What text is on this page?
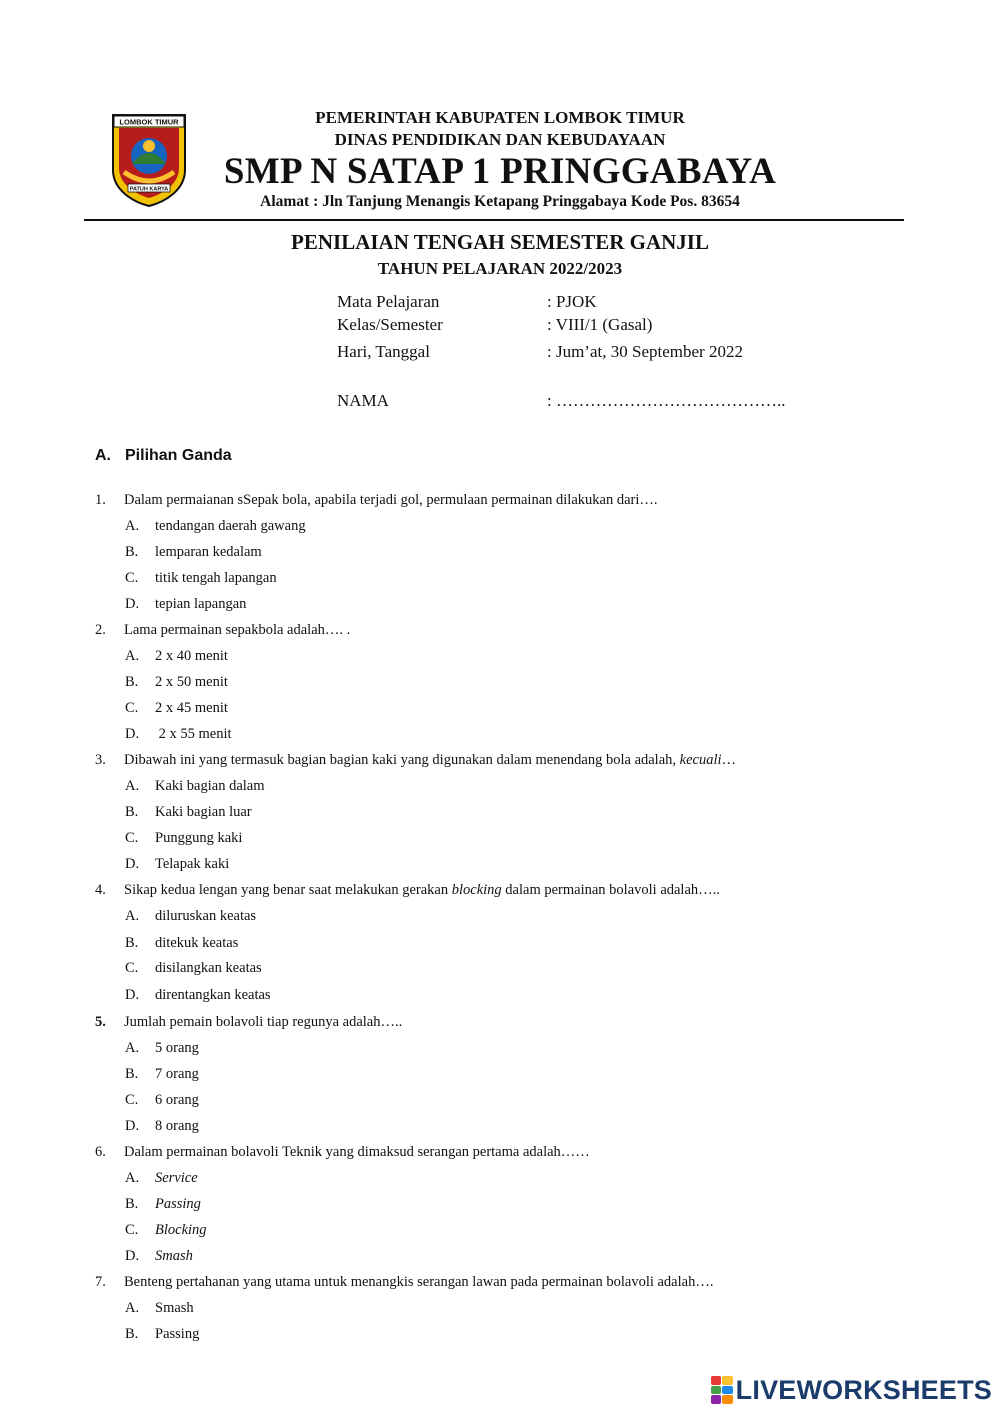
LOMBOK TIMUR
PATUH KARYA
PEMERINTAH KABUPATEN LOMBOK TIMUR
DINAS PENDIDIKAN DAN KEBUDAYAAN
SMP N SATAP 1 PRINGGABAYA
Alamat : Jln Tanjung Menangis Ketapang Pringgabaya Kode Pos. 83654
PENILAIAN TENGAH SEMESTER GANJIL
TAHUN PELAJARAN 2022/2023
Mata Pelajaran	: PJOK
Kelas/Semester	: VIII/1 (Gasal)
Hari, Tanggal	: Jum’at, 30 September 2022
NAMA	: …………………………………..
A. Pilihan Ganda
1. Dalam permaianan sSepak bola, apabila terjadi gol, permulaan permainan dilakukan dari….
A. tendangan daerah gawang
B. lemparan kedalam
C. titik tengah lapangan
D. tepian lapangan
2. Lama permainan sepakbola adalah…. .
A. 2 x 40 menit
B. 2 x 50 menit
C. 2 x 45 menit
D. 2 x 55 menit
3. Dibawah ini yang termasuk bagian bagian kaki yang digunakan dalam menendang bola adalah, kecuali…
A. Kaki bagian dalam
B. Kaki bagian luar
C. Punggung kaki
D. Telapak kaki
4. Sikap kedua lengan yang benar saat melakukan gerakan blocking dalam permainan bolavoli adalah…..
A. diluruskan keatas
B. ditekuk keatas
C. disilangkan keatas
D. direntangkan keatas
5. Jumlah pemain bolavoli tiap regunya adalah…..
A. 5 orang
B. 7 orang
C. 6 orang
D. 8 orang
6. Dalam permainan bolavoli Teknik yang dimaksud serangan pertama adalah……
A. Service
B. Passing
C. Blocking
D. Smash
7. Benteng pertahanan yang utama untuk menangkis serangan lawan pada permainan bolavoli adalah….
A. Smash
B. Passing
LIVEWORKSHEETS
